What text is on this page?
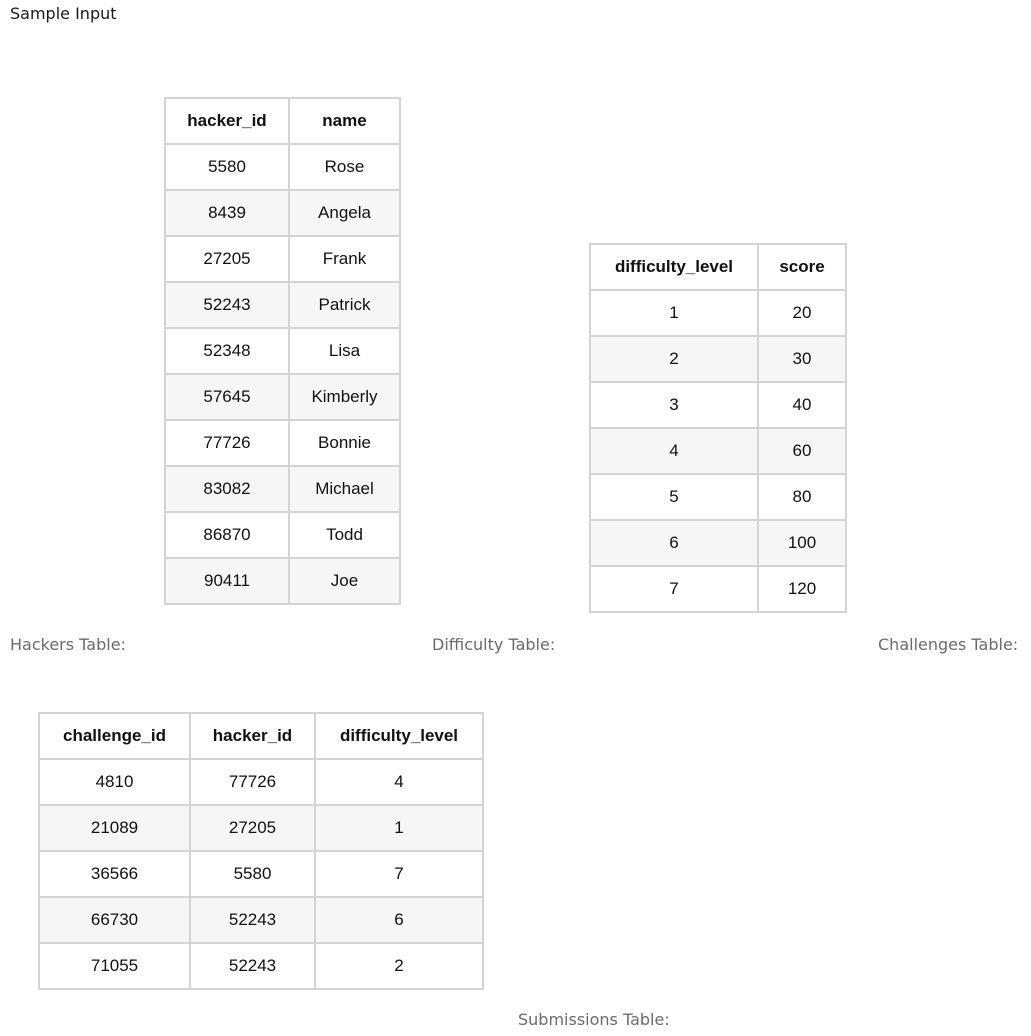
Sample Input
hacker_id	name
5580	Rose
8439	Angela
27205	Frank
52243	Patrick
52348	Lisa
57645	Kimberly
77726	Bonnie
83082	Michael
86870	Todd
90411	Joe
difficulty_level	score
1	20
2	30
3	40
4	60
5	80
6	100
7	120

Hackers Table:	Difficulty Table:	Challenges Table:

challenge_id	hacker_id	difficulty_level
4810	77726	4
21089	27205	1
36566	5580	7
66730	52243	6
71055	52243	2

Submissions Table:
